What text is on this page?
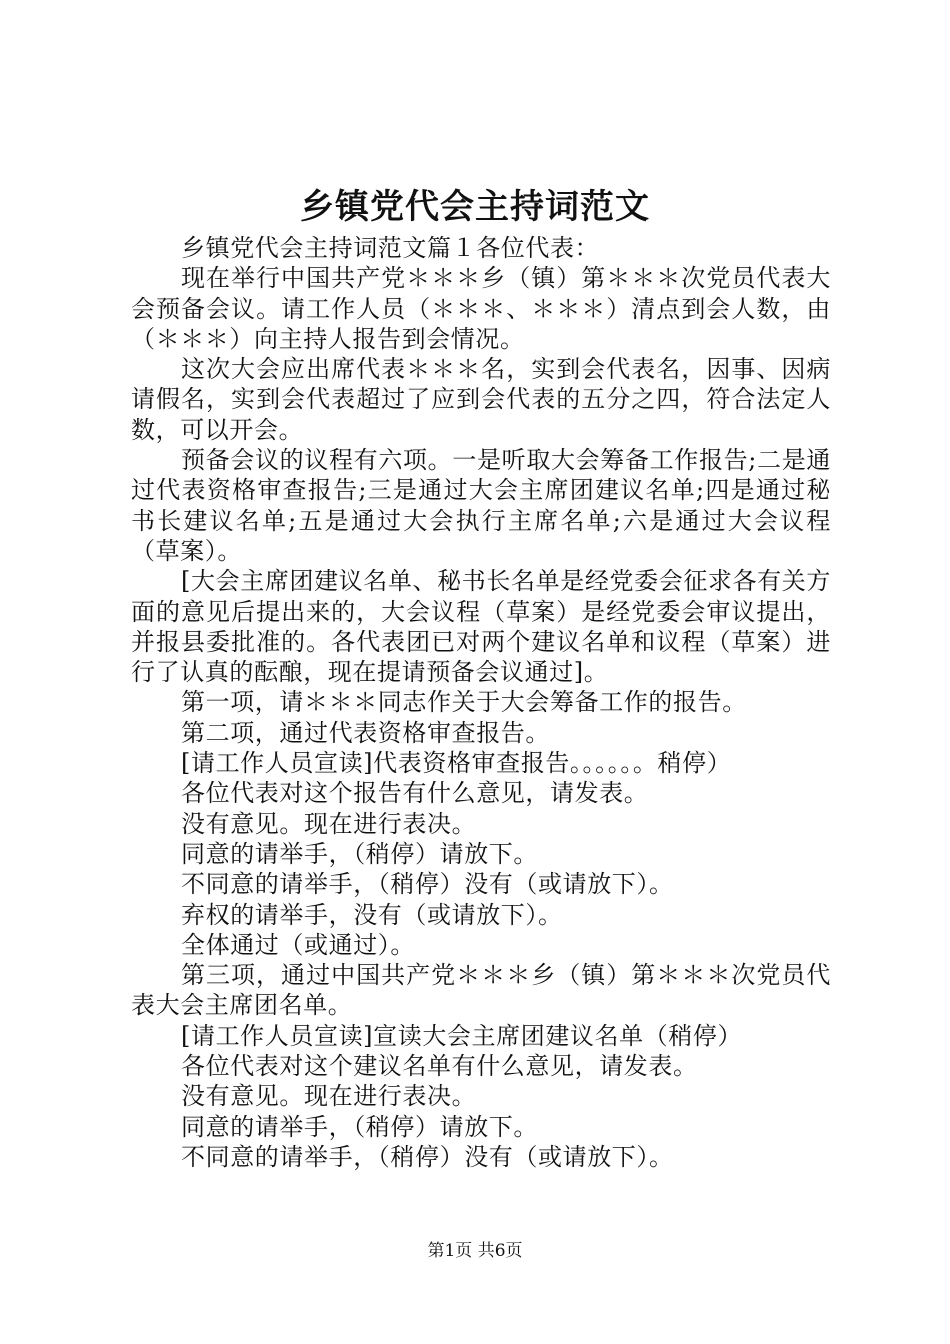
乡镇党代会主持词范文

乡镇党代会主持词范文篇１各位代表：

现在举行中国共产党＊＊＊乡（镇）第＊＊＊次党员代表大会预备会议。请工作人员（＊＊＊、＊＊＊）清点到会人数，由（＊＊＊）向主持人报告到会情况。

这次大会应出席代表＊＊＊名，实到会代表名，因事、因病请假名，实到会代表超过了应到会代表的五分之四，符合法定人数，可以开会。

预备会议的议程有六项。一是听取大会筹备工作报告;二是通过代表资格审查报告;三是通过大会主席团建议名单;四是通过秘书长建议名单;五是通过大会执行主席名单;六是通过大会议程（草案）。

[大会主席团建议名单、秘书长名单是经党委会征求各有关方面的意见后提出来的，大会议程（草案）是经党委会审议提出，并报县委批准的。各代表团已对两个建议名单和议程（草案）进行了认真的酝酿，现在提请预备会议通过]。

第一项，请＊＊＊同志作关于大会筹备工作的报告。

第二项，通过代表资格审查报告。

[请工作人员宣读]代表资格审查报告。。。。。。稍停）

各位代表对这个报告有什么意见，请发表。

没有意见。现在进行表决。

同意的请举手，（稍停）请放下。

不同意的请举手，（稍停）没有（或请放下）。

弃权的请举手，没有（或请放下）。

全体通过（或通过）。

第三项，通过中国共产党＊＊＊乡（镇）第＊＊＊次党员代表大会主席团名单。

[请工作人员宣读]宣读大会主席团建议名单（稍停）

各位代表对这个建议名单有什么意见，请发表。

没有意见。现在进行表决。

同意的请举手，（稍停）请放下。

不同意的请举手，（稍停）没有（或请放下）。

第1页 共6页
